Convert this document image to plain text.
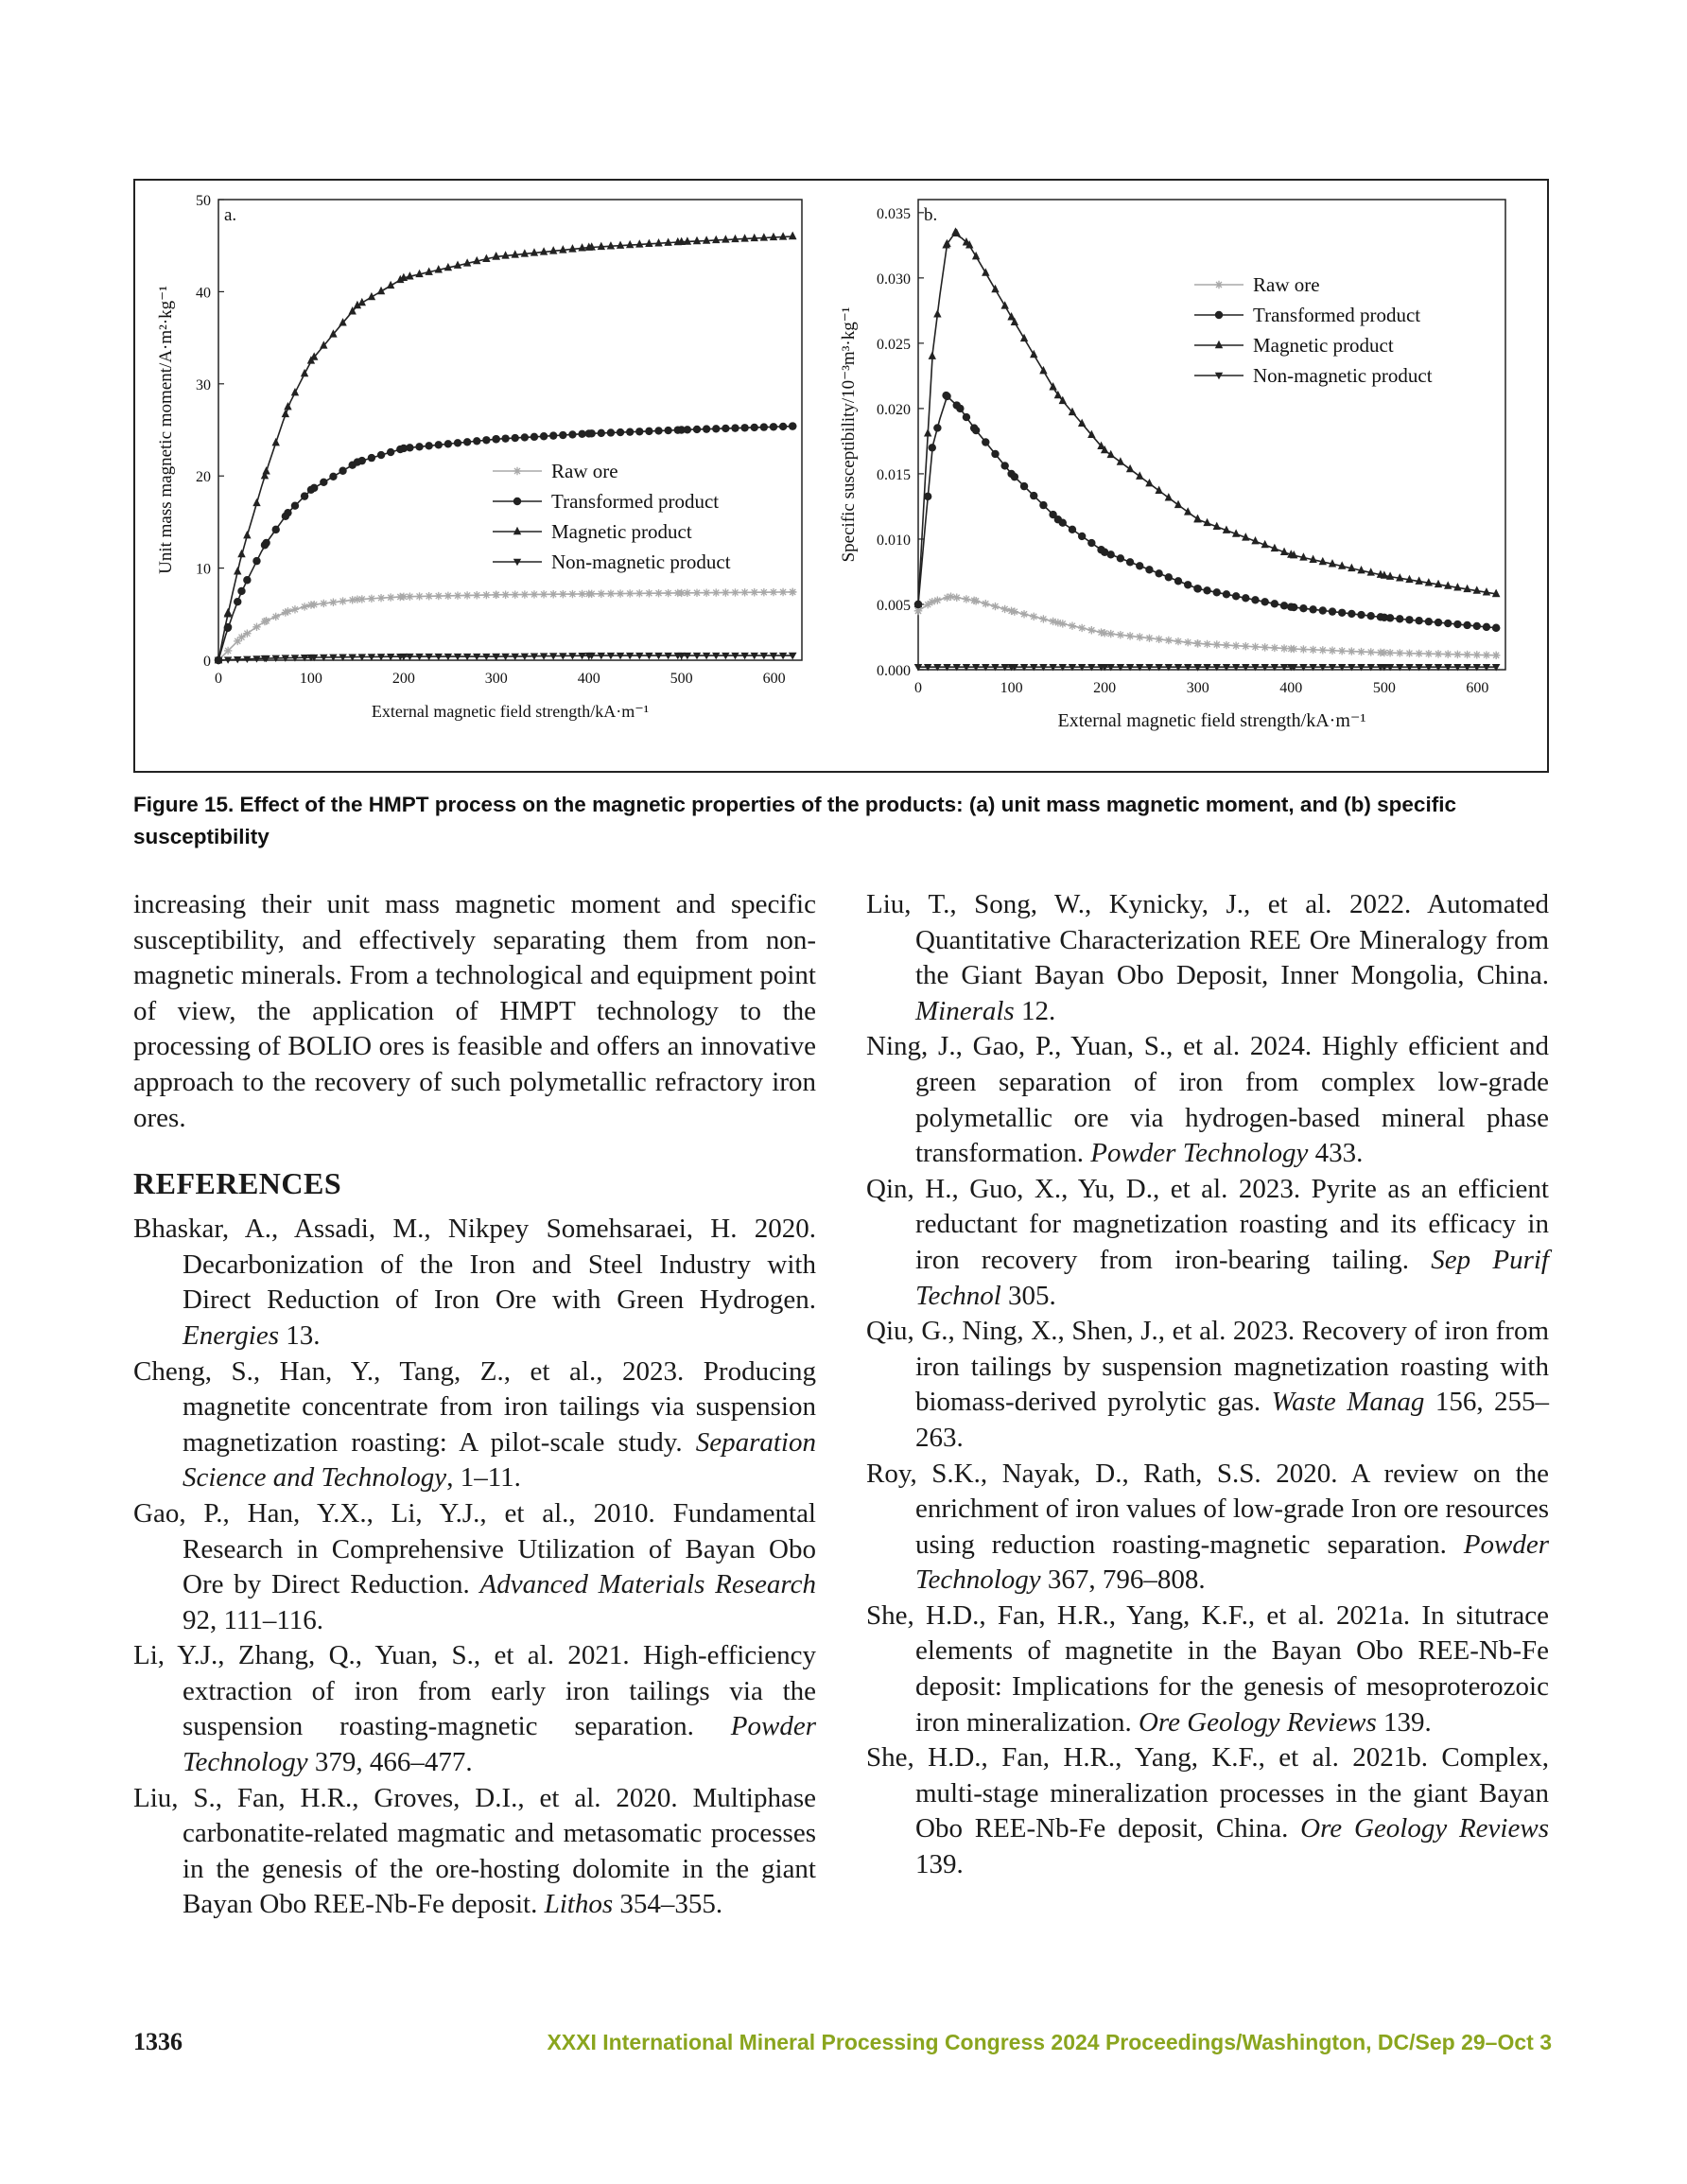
0
10
20
30
40
50
0	100	200	300	400	500	600
External magnetic field strength/kA·m⁻¹
Unit mass magnetic moment/A·m²·kg⁻¹
a.
Raw ore
Transformed product
Magnetic product
Non-magnetic product
0.000
0.005
0.010
0.015
0.020
0.025
0.030
0.035
0	100	200	300	400	500	600
External magnetic field strength/kA·m⁻¹
Specific susceptibility/10⁻³m³·kg⁻¹
b.
Raw ore
Transformed product
Magnetic product
Non-magnetic product
Figure 15. Effect of the HMPT process on the magnetic properties of the products: (a) unit mass magnetic moment, and (b) specific susceptibility

increasing their unit mass magnetic moment and specific susceptibility, and effectively separating them from non-magnetic minerals. From a technological and equipment point of view, the application of HMPT technology to the processing of BOLIO ores is feasible and offers an innovative approach to the recovery of such polymetallic refractory iron ores.

REFERENCES

Bhaskar, A., Assadi, M., Nikpey Somehsaraei, H. 2020. Decarbonization of the Iron and Steel Industry with Direct Reduction of Iron Ore with Green Hydrogen. Energies 13.

Cheng, S., Han, Y., Tang, Z., et al., 2023. Producing magnetite concentrate from iron tailings via suspension magnetization roasting: A pilot-scale study. Separation Science and Technology, 1–11.

Gao, P., Han, Y.X., Li, Y.J., et al., 2010. Fundamental Research in Comprehensive Utilization of Bayan Obo Ore by Direct Reduction. Advanced Materials Research 92, 111–116.

Li, Y.J., Zhang, Q., Yuan, S., et al. 2021. High-efficiency extraction of iron from early iron tailings via the suspension roasting-magnetic separation. Powder Technology 379, 466–477.

Liu, S., Fan, H.R., Groves, D.I., et al. 2020. Multiphase carbonatite-related magmatic and metasomatic processes in the genesis of the ore-hosting dolomite in the giant Bayan Obo REE-Nb-Fe deposit. Lithos 354–355.

Liu, T., Song, W., Kynicky, J., et al. 2022. Automated Quantitative Characterization REE Ore Mineralogy from the Giant Bayan Obo Deposit, Inner Mongolia, China. Minerals 12.

Ning, J., Gao, P., Yuan, S., et al. 2024. Highly efficient and green separation of iron from complex low-grade polymetallic ore via hydrogen-based mineral phase transformation. Powder Technology 433.

Qin, H., Guo, X., Yu, D., et al. 2023. Pyrite as an efficient reductant for magnetization roasting and its efficacy in iron recovery from iron-bearing tailing. Sep Purif Technol 305.

Qiu, G., Ning, X., Shen, J., et al. 2023. Recovery of iron from iron tailings by suspension magnetization roasting with biomass-derived pyrolytic gas. Waste Manag 156, 255–263.

Roy, S.K., Nayak, D., Rath, S.S. 2020. A review on the enrichment of iron values of low-grade Iron ore resources using reduction roasting-magnetic separation. Powder Technology 367, 796–808.

She, H.D., Fan, H.R., Yang, K.F., et al. 2021a. In situtrace elements of magnetite in the Bayan Obo REE-Nb-Fe deposit: Implications for the genesis of mesoproterozoic iron mineralization. Ore Geology Reviews 139.

She, H.D., Fan, H.R., Yang, K.F., et al. 2021b. Complex, multi-stage mineralization processes in the giant Bayan Obo REE-Nb-Fe deposit, China. Ore Geology Reviews 139.

1336	XXXI International Mineral Processing Congress 2024 Proceedings/Washington, DC/Sep 29–Oct 3
